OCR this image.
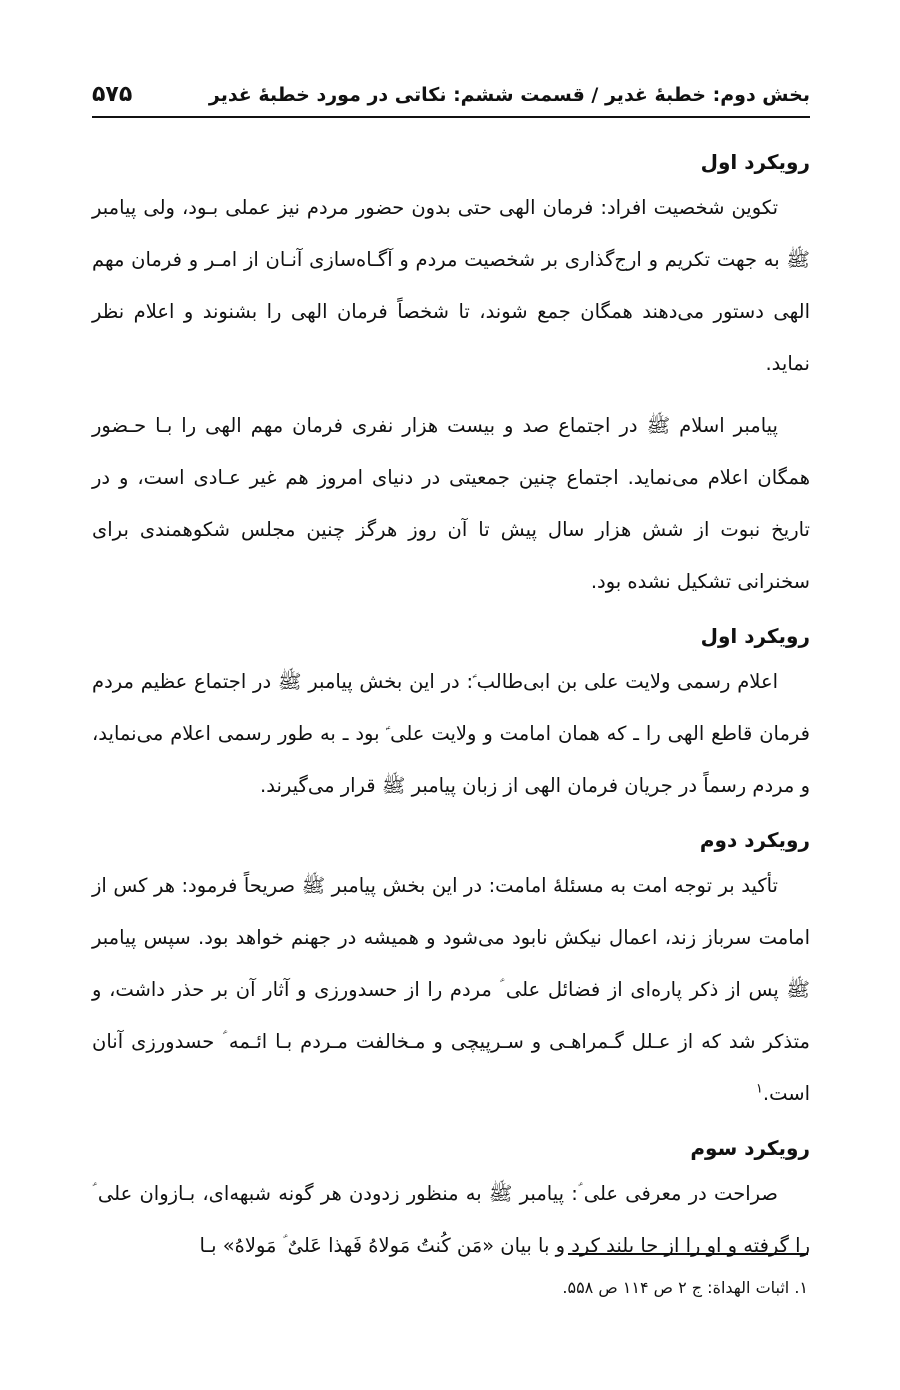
بخش دوم: خطبهٔ غدیر / قسمت ششم: نکاتی در مورد خطبهٔ غدیر
۵۷۵
رویکرد اول

تکوین شخصیت افراد: فرمان الهی حتی بدون حضور مردم نیز عملی بـود، ولی پیامبر ﷺ به جهت تکریم و ارج‌گذاری بر شخصیت مردم و آگـاه‌سازی آنـان از امـر و فرمان مهم الهی دستور می‌دهند همگان جمع شوند، تا شخصاً فرمان الهی را بشنوند و اعلام نظر نماید.

پیامبر اسلام ﷺ در اجتماع صد و بیست هزار نفری فرمان مهم الهی را بـا حـضور همگان اعلام می‌نماید. اجتماع چنین جمعیتی در دنیای امروز هم غیر عـادی است، و در تاریخ نبوت از شش هزار سال پیش تا آن روز هرگز چنین مجلس شکوهمندی برای سخنرانی تشکیل نشده بود.

رویکرد اول

اعلام رسمی ولایت علی بن ابی‌طالب ؑ: در این بخش پیامبر ﷺ در اجتماع عظیم مردم فرمان قاطع الهی را ـ که همان امامت و ولایت علی ؑ بود ـ به طور رسمی اعلام می‌نماید، و مردم رسماً در جریان فرمان الهی از زبان پیامبر ﷺ قرار می‌گیرند.

رویکرد دوم

تأکید بر توجه امت به مسئلهٔ امامت: در این بخش پیامبر ﷺ صریحاً فرمود: هر کس از امامت سرباز زند، اعمال نیکش نابود می‌شود و همیشه در جهنم خواهد بود. سپس پیامبر ﷺ پس از ذکر پاره‌ای از فضائل علی ؑ مردم را از حسدورزی و آثار آن بر حذر داشت، و متذکر شد که از عـلل گـمراهـی و سـرپیچی و مـخالفت مـردم بـا ائـمه ؑ حسدورزی آنان است.$^۱$

رویکرد سوم

صراحت در معرفی علی ؑ: پیامبر ﷺ به منظور زدودن هر گونه شبهه‌ای، بـازوان علی ؑ را گرفته و او را از جا بلند کرد و با بیان «مَن کُنتُ مَولاهُ فَهذا عَلیٌ ؑ مَولاهُ» بـا

۱. اثبات الهداة: ج ۲ ص ۱۱۴ ص ۵۵۸.
